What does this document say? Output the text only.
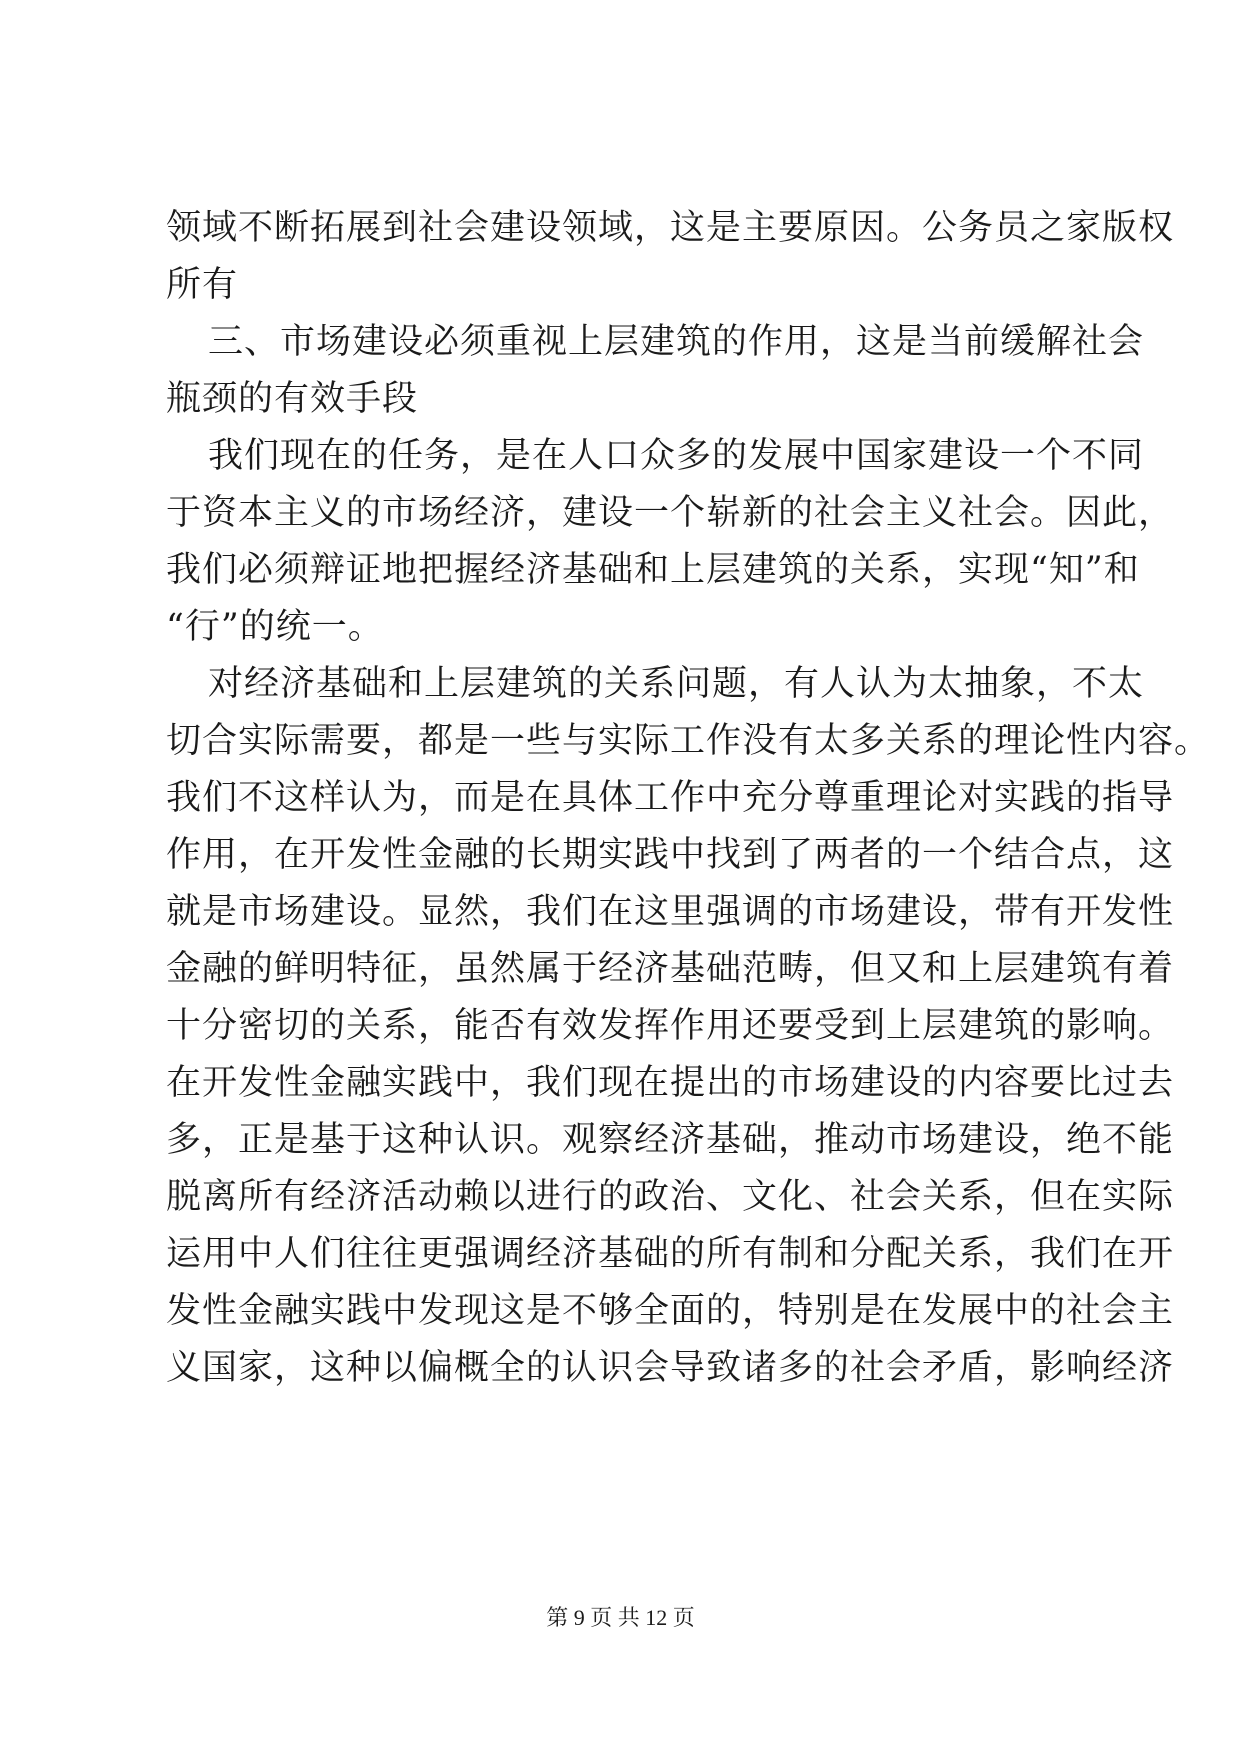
领域不断拓展到社会建设领域，这是主要原因。公务员之家版权
所有
三、市场建设必须重视上层建筑的作用，这是当前缓解社会
瓶颈的有效手段
我们现在的任务，是在人口众多的发展中国家建设一个不同
于资本主义的市场经济，建设一个崭新的社会主义社会。因此，
我们必须辩证地把握经济基础和上层建筑的关系，实现“知”和
“行”的统一。
对经济基础和上层建筑的关系问题，有人认为太抽象，不太
切合实际需要，都是一些与实际工作没有太多关系的理论性内容。
我们不这样认为，而是在具体工作中充分尊重理论对实践的指导
作用，在开发性金融的长期实践中找到了两者的一个结合点，这
就是市场建设。显然，我们在这里强调的市场建设，带有开发性
金融的鲜明特征，虽然属于经济基础范畴，但又和上层建筑有着
十分密切的关系，能否有效发挥作用还要受到上层建筑的影响。
在开发性金融实践中，我们现在提出的市场建设的内容要比过去
多，正是基于这种认识。观察经济基础，推动市场建设，绝不能
脱离所有经济活动赖以进行的政治、文化、社会关系，但在实际
运用中人们往往更强调经济基础的所有制和分配关系，我们在开
发性金融实践中发现这是不够全面的，特别是在发展中的社会主
义国家，这种以偏概全的认识会导致诸多的社会矛盾，影响经济
第 9 页 共 12 页
